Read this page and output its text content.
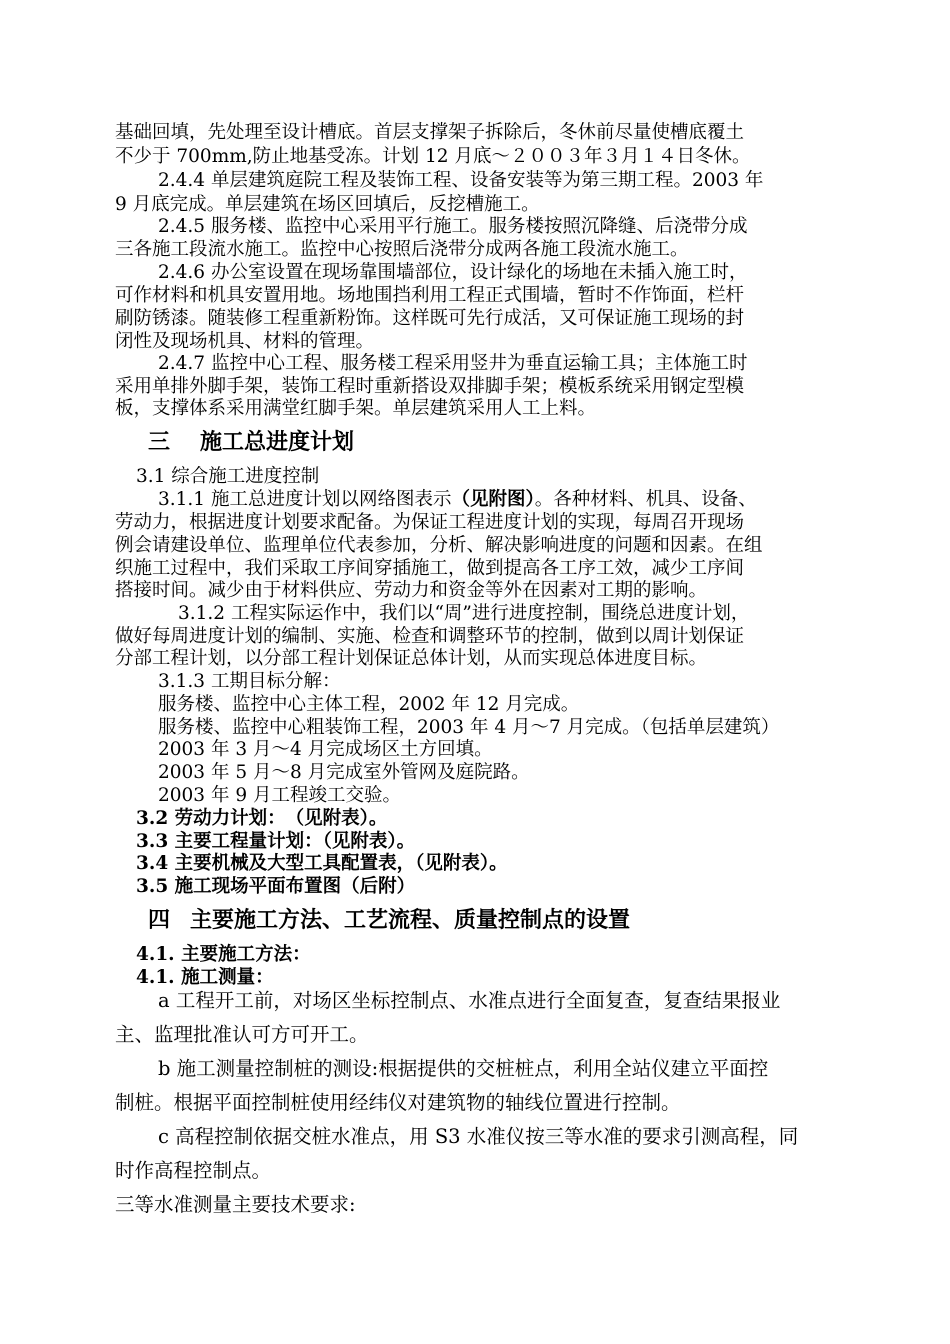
基础回填，先处理至设计槽底。首层支撑架子拆除后，冬休前尽量使槽底覆土
不少于 700mm,防止地基受冻。计划 12 月底～２００３年３月１４日冬休。
2.4.4 单层建筑庭院工程及装饰工程、设备安装等为第三期工程。2003 年
9 月底完成。单层建筑在场区回填后，反挖槽施工。
2.4.5 服务楼、监控中心采用平行施工。服务楼按照沉降缝、后浇带分成
三各施工段流水施工。监控中心按照后浇带分成两各施工段流水施工。
2.4.6 办公室设置在现场靠围墙部位，设计绿化的场地在未插入施工时，
可作材料和机具安置用地。场地围挡利用工程正式围墙，暂时不作饰面，栏杆
刷防锈漆。随装修工程重新粉饰。这样既可先行成活，又可保证施工现场的封
闭性及现场机具、材料的管理。
2.4.7 监控中心工程、服务楼工程采用竖井为垂直运输工具；主体施工时
采用单排外脚手架，装饰工程时重新搭设双排脚手架；模板系统采用钢定型模
板，支撑体系采用满堂红脚手架。单层建筑采用人工上料。
三 施工总进度计划
3.1 综合施工进度控制
3.1.1 施工总进度计划以网络图表示（见附图）。各种材料、机具、设备、
劳动力，根据进度计划要求配备。为保证工程进度计划的实现，每周召开现场
例会请建设单位、监理单位代表参加，分析、解决影响进度的问题和因素。在组
织施工过程中，我们采取工序间穿插施工，做到提高各工序工效，减少工序间
搭接时间。减少由于材料供应、劳动力和资金等外在因素对工期的影响。
3.1.2 工程实际运作中，我们以“周”进行进度控制，围绕总进度计划，
做好每周进度计划的编制、实施、检查和调整环节的控制，做到以周计划保证
分部工程计划，以分部工程计划保证总体计划，从而实现总体进度目标。
3.1.3 工期目标分解：
服务楼、监控中心主体工程，2002 年 12 月完成。
服务楼、监控中心粗装饰工程，2003 年 4 月～7 月完成。（包括单层建筑）
2003 年 3 月～4 月完成场区土方回填。
2003 年 5 月～8 月完成室外管网及庭院路。
2003 年 9 月工程竣工交验。
3.2 劳动力计划：　（见附表）。
3.3 主要工程量计划：（见附表）。
3.4 主要机械及大型工具配置表，（见附表）。
3.5 施工现场平面布置图（后附）
四 主要施工方法、工艺流程、质量控制点的设置
4.1. 主要施工方法：
4.1. 施工测量：
a 工程开工前，对场区坐标控制点、水准点进行全面复查，复查结果报业
主、监理批准认可方可开工。
b 施工测量控制桩的测设:根据提供的交桩桩点，利用全站仪建立平面控
制桩。根据平面控制桩使用经纬仪对建筑物的轴线位置进行控制。
c 高程控制依据交桩水准点，用 S3 水准仪按三等水准的要求引测高程，同
时作高程控制点。
三等水准测量主要技术要求:
